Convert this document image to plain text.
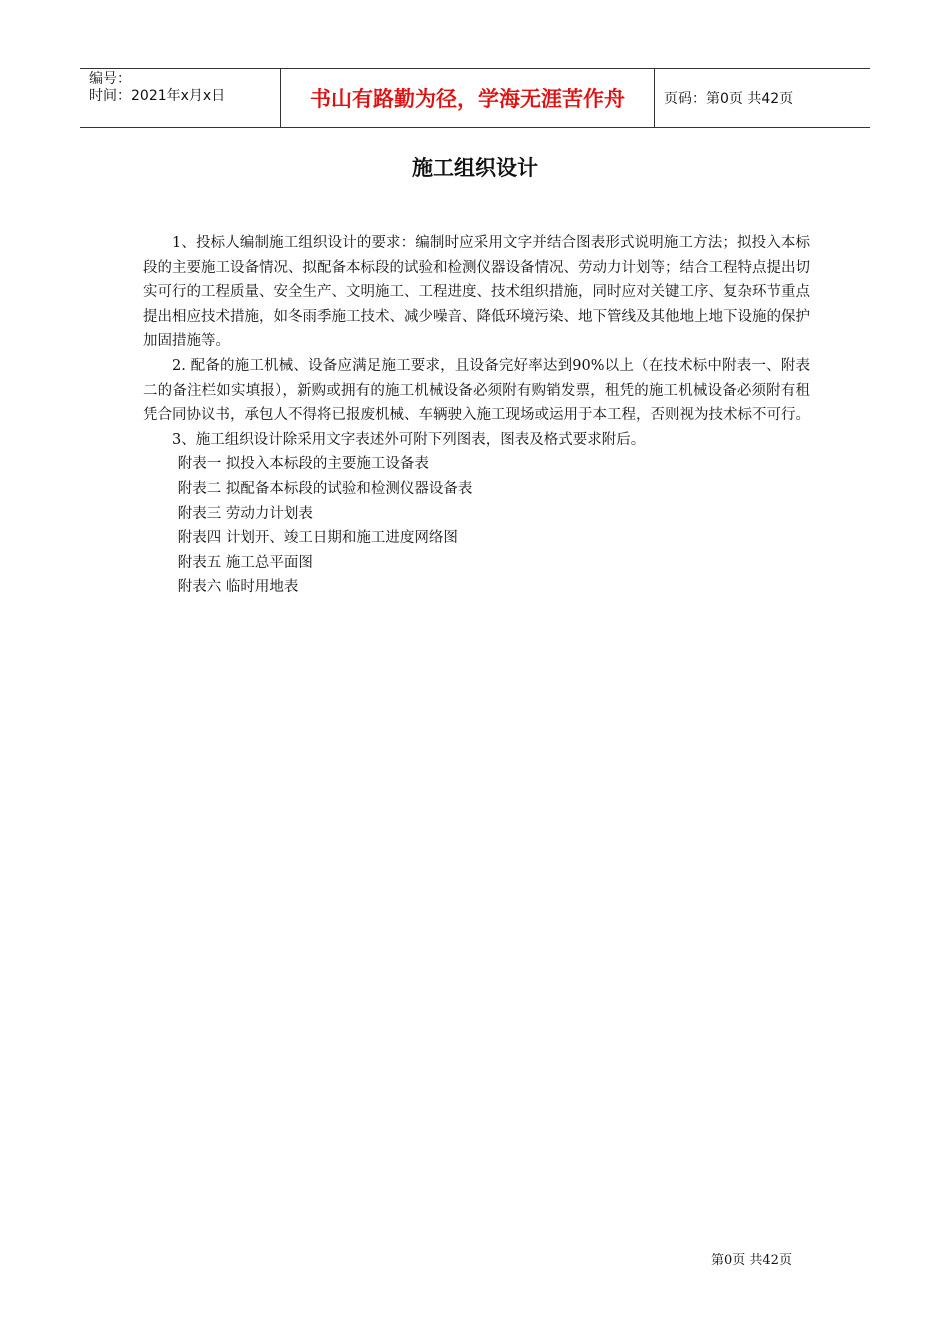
编号：
时间：2021年x月x日	书山有路勤为径，学海无涯苦作舟	页码：第0页 共42页
施工组织设计

1、投标人编制施工组织设计的要求：编制时应采用文字并结合图表形式说明施工方法；拟投入本标段的主要施工设备情况、拟配备本标段的试验和检测仪器设备情况、劳动力计划等；结合工程特点提出切实可行的工程质量、安全生产、文明施工、工程进度、技术组织措施，同时应对关键工序、复杂环节重点提出相应技术措施，如冬雨季施工技术、减少噪音、降低环境污染、地下管线及其他地上地下设施的保护加固措施等。

2. 配备的施工机械、设备应满足施工要求，且设备完好率达到90%以上（在技术标中附表一、附表二的备注栏如实填报），新购或拥有的施工机械设备必须附有购销发票，租凭的施工机械设备必须附有租凭合同协议书，承包人不得将已报废机械、车辆驶入施工现场或运用于本工程，否则视为技术标不可行。

3、施工组织设计除采用文字表述外可附下列图表，图表及格式要求附后。

附表一 拟投入本标段的主要施工设备表
附表二 拟配备本标段的试验和检测仪器设备表
附表三 劳动力计划表
附表四 计划开、竣工日期和施工进度网络图
附表五 施工总平面图
附表六 临时用地表
第0页 共42页
